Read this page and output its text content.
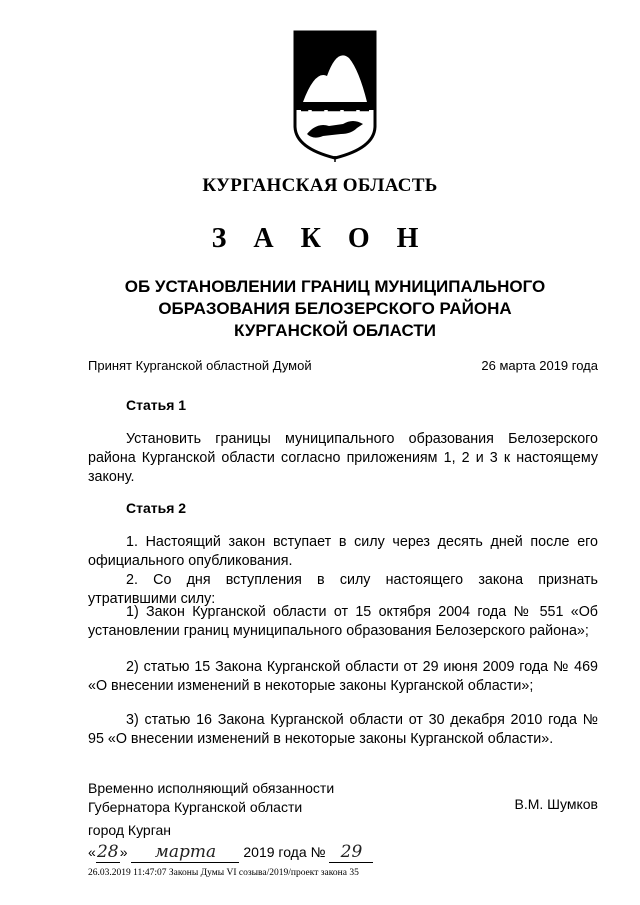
КУРГАНСКАЯ ОБЛАСТЬ
З А К О Н
ОБ УСТАНОВЛЕНИИ ГРАНИЦ МУНИЦИПАЛЬНОГО
ОБРАЗОВАНИЯ БЕЛОЗЕРСКОГО РАЙОНА
КУРГАНСКОЙ ОБЛАСТИ
Принят Курганской областной Думой	26 марта 2019 года
Статья 1
Установить границы муниципального образования Белозерского района Курганской области согласно приложениям 1, 2 и 3 к настоящему закону.
Статья 2
1. Настоящий закон вступает в силу через десять дней после его официального опубликования.
2. Со дня вступления в силу настоящего закона признать утратившими силу:
1) Закон Курганской области от 15 октября 2004 года № 551 «Об установлении границ муниципального образования Белозерского района»;
2) статью 15 Закона Курганской области от 29 июня 2009 года № 469 «О внесении изменений в некоторые законы Курганской области»;
3) статью 16 Закона Курганской области от 30 декабря 2010 года № 95 «О внесении изменений в некоторые законы Курганской области».
Временно исполняющий обязанности
Губернатора Курганской области	В.М. Шумков
город Курган
«28» марта 2019 года № 29
26.03.2019 11:47:07 Законы Думы VI созыва/2019/проект закона 35
